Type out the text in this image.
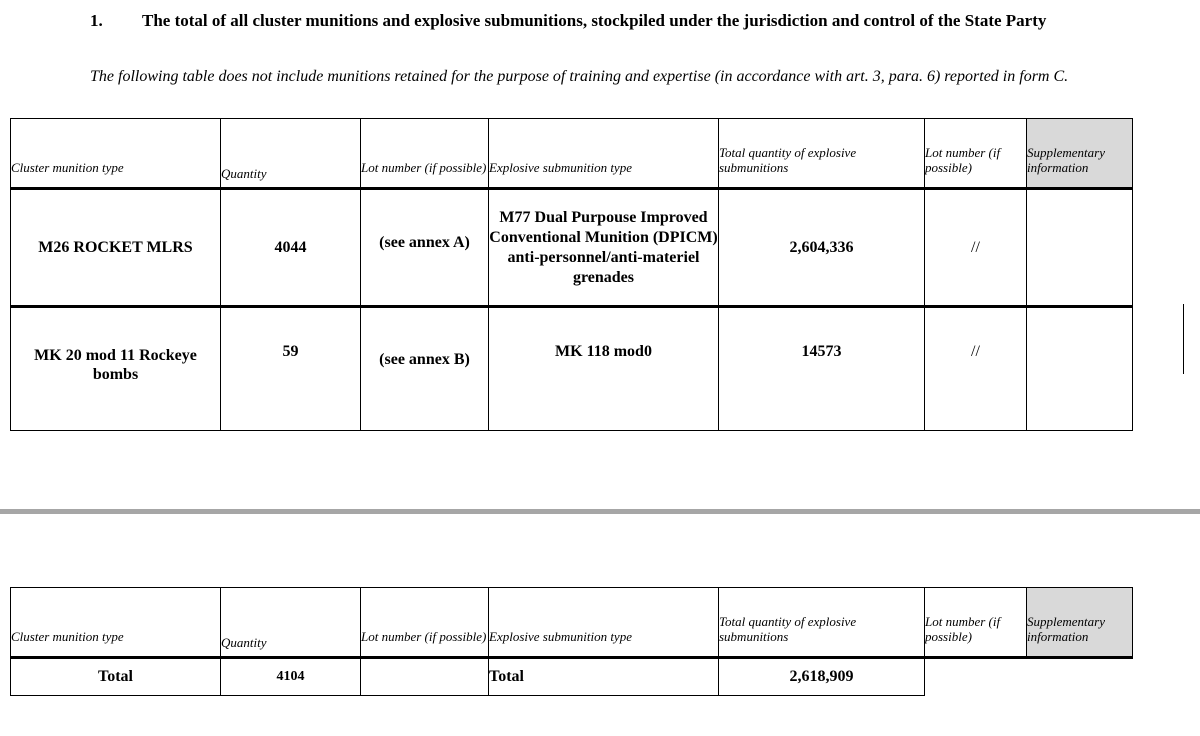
1. The total of all cluster munitions and explosive submunitions, stockpiled under the jurisdiction and control of the State Party
The following table does not include munitions retained for the purpose of training and expertise (in accordance with art. 3, para. 6) reported in form C.
Cluster munition type	Quantity	Lot number (if possible)	Explosive submunition type	Total quantity of explosive submunitions	Lot number (if possible)	Supplementary information
M26 ROCKET MLRS	4044	(see annex A)	M77 Dual Purpouse Improved Conventional Munition (DPICM) anti-personnel/anti-materiel grenades	2,604,336	//	
MK 20 mod 11 Rockeye bombs	59	(see annex B)	MK 118 mod0	14573	//	
Cluster munition type	Quantity	Lot number (if possible)	Explosive submunition type	Total quantity of explosive submunitions	Lot number (if possible)	Supplementary information
Total	4104		Total	2,618,909		
